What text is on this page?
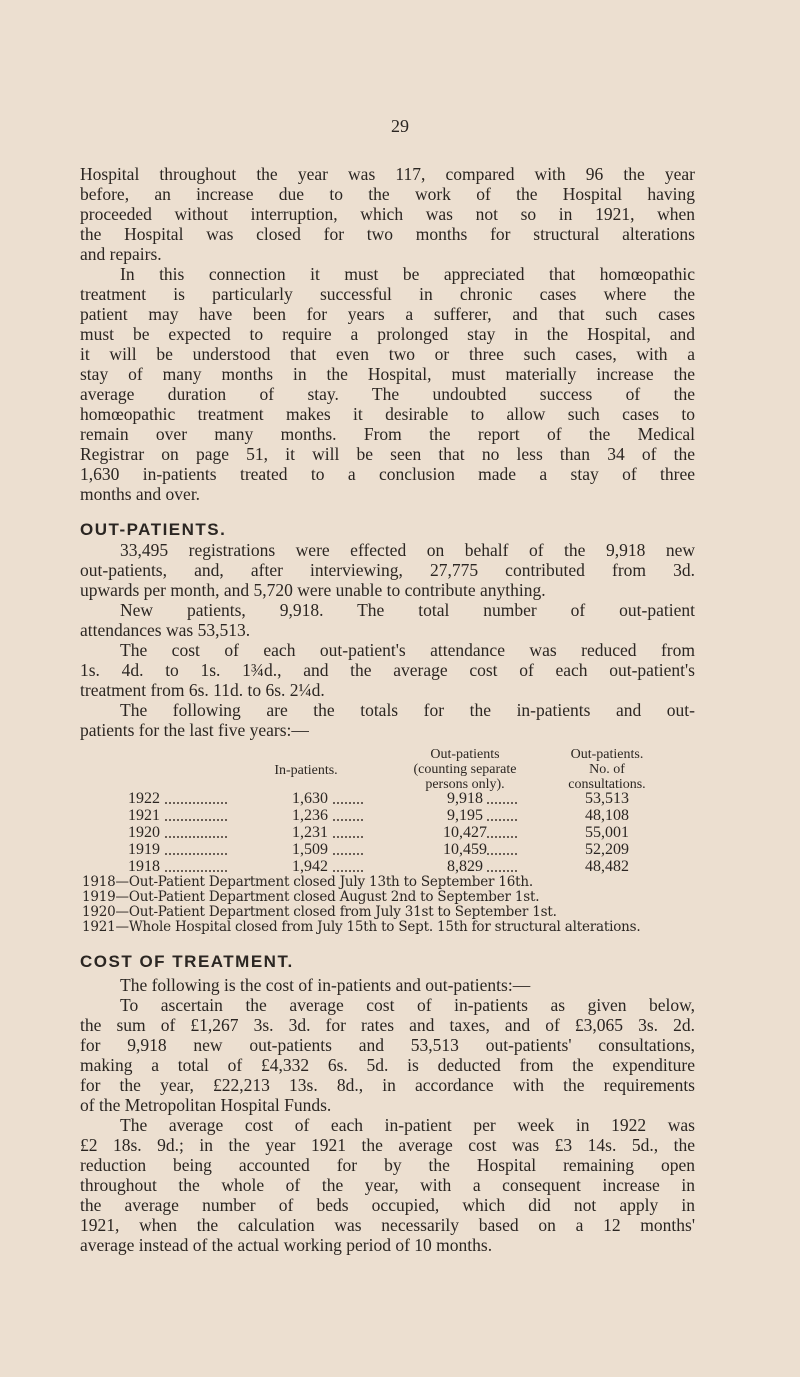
29
Hospital throughout the year was 117, compared with 96 the year
before, an increase due to the work of the Hospital having
proceeded without interruption, which was not so in 1921, when
the Hospital was closed for two months for structural alterations
and repairs.
In this connection it must be appreciated that homœopathic
treatment is particularly successful in chronic cases where the
patient may have been for years a sufferer, and that such cases
must be expected to require a prolonged stay in the Hospital, and
it will be understood that even two or three such cases, with a
stay of many months in the Hospital, must materially increase the
average duration of stay. The undoubted success of the
homœopathic treatment makes it desirable to allow such cases to
remain over many months. From the report of the Medical
Registrar on page 51, it will be seen that no less than 34 of the
1,630 in-patients treated to a conclusion made a stay of three
months and over.
OUT-PATIENTS.
33,495 registrations were effected on behalf of the 9,918 new
out-patients, and, after interviewing, 27,775 contributed from 3d.
upwards per month, and 5,720 were unable to contribute anything.
New patients, 9,918. The total number of out-patient
attendances was 53,513.
The cost of each out-patient's attendance was reduced from
1s. 4d. to 1s. 1¾d., and the average cost of each out-patient's
treatment from 6s. 11d. to 6s. 2¼d.
The following are the totals for the in-patients and out-
patients for the last five years:—
In-patients.
Out-patients
(counting separate
persons only).
Out-patients.
No. of
consultations.
1922	1,630	9,918	53,513
1921	1,236	9,195	48,108
1920	1,231	10,427	55,001
1919	1,509	10,459	52,209
1918	1,942	8,829	48,482
1918—Out-Patient Department closed July 13th to September 16th.
1919—Out-Patient Department closed August 2nd to September 1st.
1920—Out-Patient Department closed from July 31st to September 1st.
1921—Whole Hospital closed from July 15th to Sept. 15th for structural alterations.
COST OF TREATMENT.
The following is the cost of in-patients and out-patients:—
To ascertain the average cost of in-patients as given below,
the sum of £1,267 3s. 3d. for rates and taxes, and of £3,065 3s. 2d.
for 9,918 new out-patients and 53,513 out-patients' consultations,
making a total of £4,332 6s. 5d. is deducted from the expenditure
for the year, £22,213 13s. 8d., in accordance with the requirements
of the Metropolitan Hospital Funds.
The average cost of each in-patient per week in 1922 was
£2 18s. 9d.; in the year 1921 the average cost was £3 14s. 5d., the
reduction being accounted for by the Hospital remaining open
throughout the whole of the year, with a consequent increase in
the average number of beds occupied, which did not apply in
1921, when the calculation was necessarily based on a 12 months'
average instead of the actual working period of 10 months.
